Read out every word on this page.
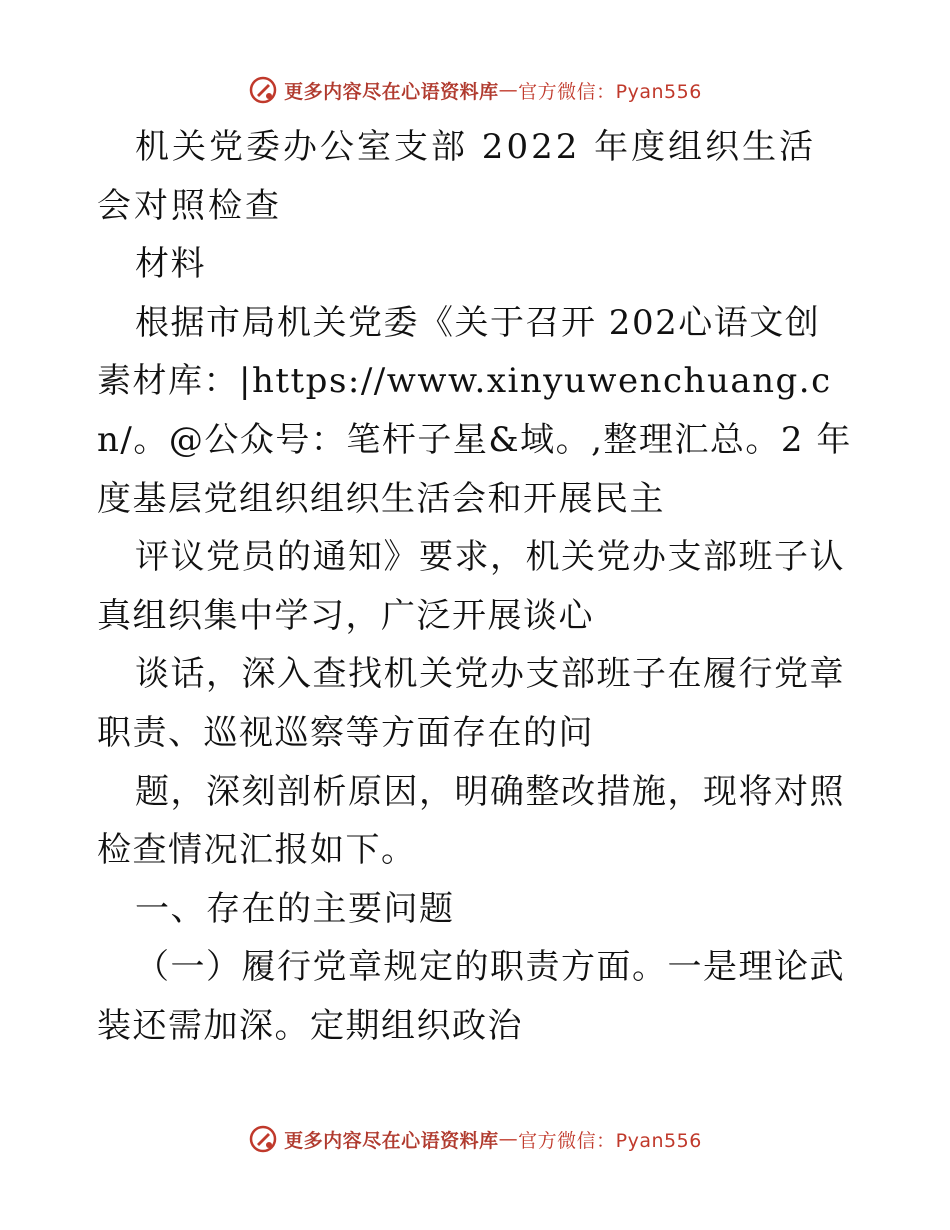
更多内容尽在心语资料库 — 官方微信：Pyan556

机关党委办公室支部 2022 年度组织生活会对照检查

材料

根据市局机关党委《关于召开 202心语文创素材库：|https://www.xinyuwenchuang.cn/。@公众号：笔杆子星&域。,整理汇总。2 年度基层党组织组织生活会和开展民主

评议党员的通知》要求，机关党办支部班子认真组织集中学习，广泛开展谈心

谈话，深入查找机关党办支部班子在履行党章职责、巡视巡察等方面存在的问

题，深刻剖析原因，明确整改措施，现将对照检查情况汇报如下。

一、存在的主要问题

（一）履行党章规定的职责方面。一是理论武装还需加深。定期组织政治

更多内容尽在心语资料库 — 官方微信：Pyan556
